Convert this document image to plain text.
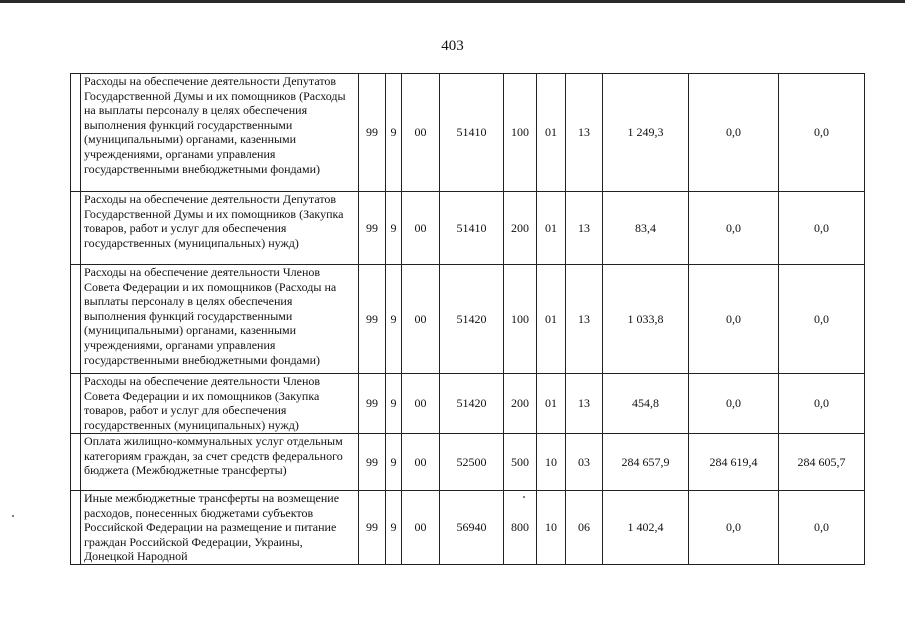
403

	Расходы на обеспечение деятельности Депутатов Государственной Думы и их помощников (Расходы на выплаты персоналу в целях обеспечения выполнения функций государственными (муниципальными) органами, казенными учреждениями, органами управления государственными внебюджетными фондами)	99	9	00	51410	100	01	13	1 249,3	0,0	0,0

	Расходы на обеспечение деятельности Депутатов Государственной Думы и их помощников (Закупка товаров, работ и услуг для обеспечения государственных (муниципальных) нужд)	99	9	00	51410	200	01	13	83,4	0,0	0,0

	Расходы на обеспечение деятельности Членов Совета Федерации и их помощников (Расходы на выплаты персоналу в целях обеспечения выполнения функций государственными (муниципальными) органами, казенными учреждениями, органами управления государственными внебюджетными фондами)	99	9	00	51420	100	01	13	1 033,8	0,0	0,0

	Расходы на обеспечение деятельности Членов Совета Федерации и их помощников (Закупка товаров, работ и услуг для обеспечения государственных (муниципальных) нужд)	99	9	00	51420	200	01	13	454,8	0,0	0,0

	Оплата жилищно-коммунальных услуг отдельным категориям граждан, за счет средств федерального бюджета (Межбюджетные трансферты)	99	9	00	52500	500	10	03	284 657,9	284 619,4	284 605,7

	Иные межбюджетные трансферты на возмещение расходов, понесенных бюджетами субъектов Российской Федерации на размещение и питание граждан Российской Федерации, Украины, Донецкой Народной	99	9	00	56940	800	10	06	1 402,4	0,0	0,0
